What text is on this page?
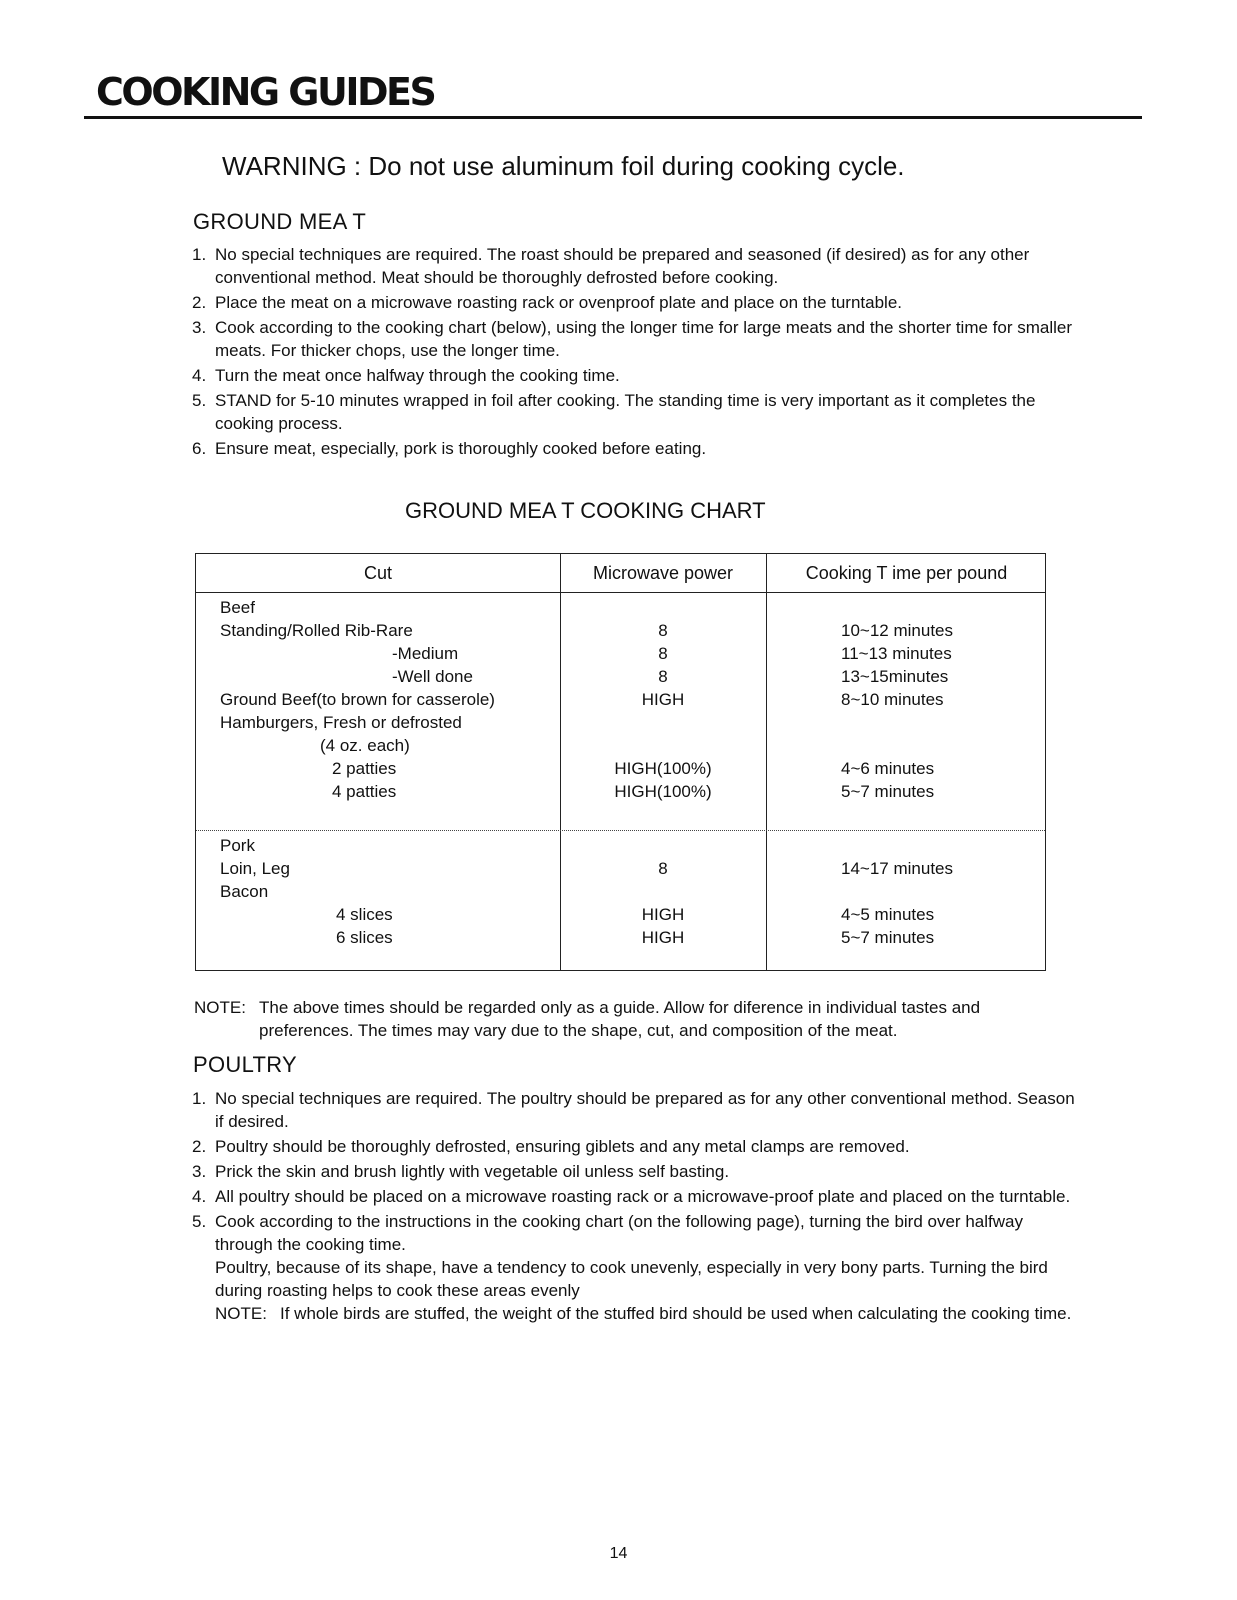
COOKING GUIDES
WARNING : Do not use aluminum foil during cooking cycle.
GROUND MEA T
1. No special techniques are required. The roast should be prepared and seasoned (if desired) as for any other conventional method. Meat should be thoroughly defrosted before cooking.
2. Place the meat on a microwave roasting rack or ovenproof plate and place on the turntable.
3. Cook according to the cooking chart (below), using the longer time for large meats and the shorter time for smaller meats. For thicker chops, use the longer time.
4. Turn the meat once halfway through the cooking time.
5. STAND for 5-10 minutes wrapped in foil after cooking. The standing time is very important as it completes the cooking process.
6. Ensure meat, especially, pork is thoroughly cooked before eating.
GROUND MEA T COOKING CHART
Cut	Microwave power	Cooking T ime per pound
Beef
Standing/Rolled Rib-Rare	8	10~12 minutes
-Medium	8	11~13 minutes
-Well done	8	13~15minutes
Ground Beef(to brown for casserole)	HIGH	8~10 minutes
Hamburgers, Fresh or defrosted
(4 oz. each)
2 patties	HIGH(100%)	4~6 minutes
4 patties	HIGH(100%)	5~7 minutes
Pork
Loin, Leg	8	14~17 minutes
Bacon
4 slices	HIGH	4~5 minutes
6 slices	HIGH	5~7 minutes
NOTE: The above times should be regarded only as a guide. Allow for diference in individual tastes and preferences. The times may vary due to the shape, cut, and composition of the meat.
POULTRY
1. No special techniques are required. The poultry should be prepared as for any other conventional method. Season if desired.
2. Poultry should be thoroughly defrosted, ensuring giblets and any metal clamps are removed.
3. Prick the skin and brush lightly with vegetable oil unless self basting.
4. All poultry should be placed on a microwave roasting rack or a microwave-proof plate and placed on the turntable.
5. Cook according to the instructions in the cooking chart (on the following page), turning the bird over halfway through the cooking time.
Poultry, because of its shape, have a tendency to cook unevenly, especially in very bony parts. Turning the bird during roasting helps to cook these areas evenly
NOTE: If whole birds are stuffed, the weight of the stuffed bird should be used when calculating the cooking time.
14
